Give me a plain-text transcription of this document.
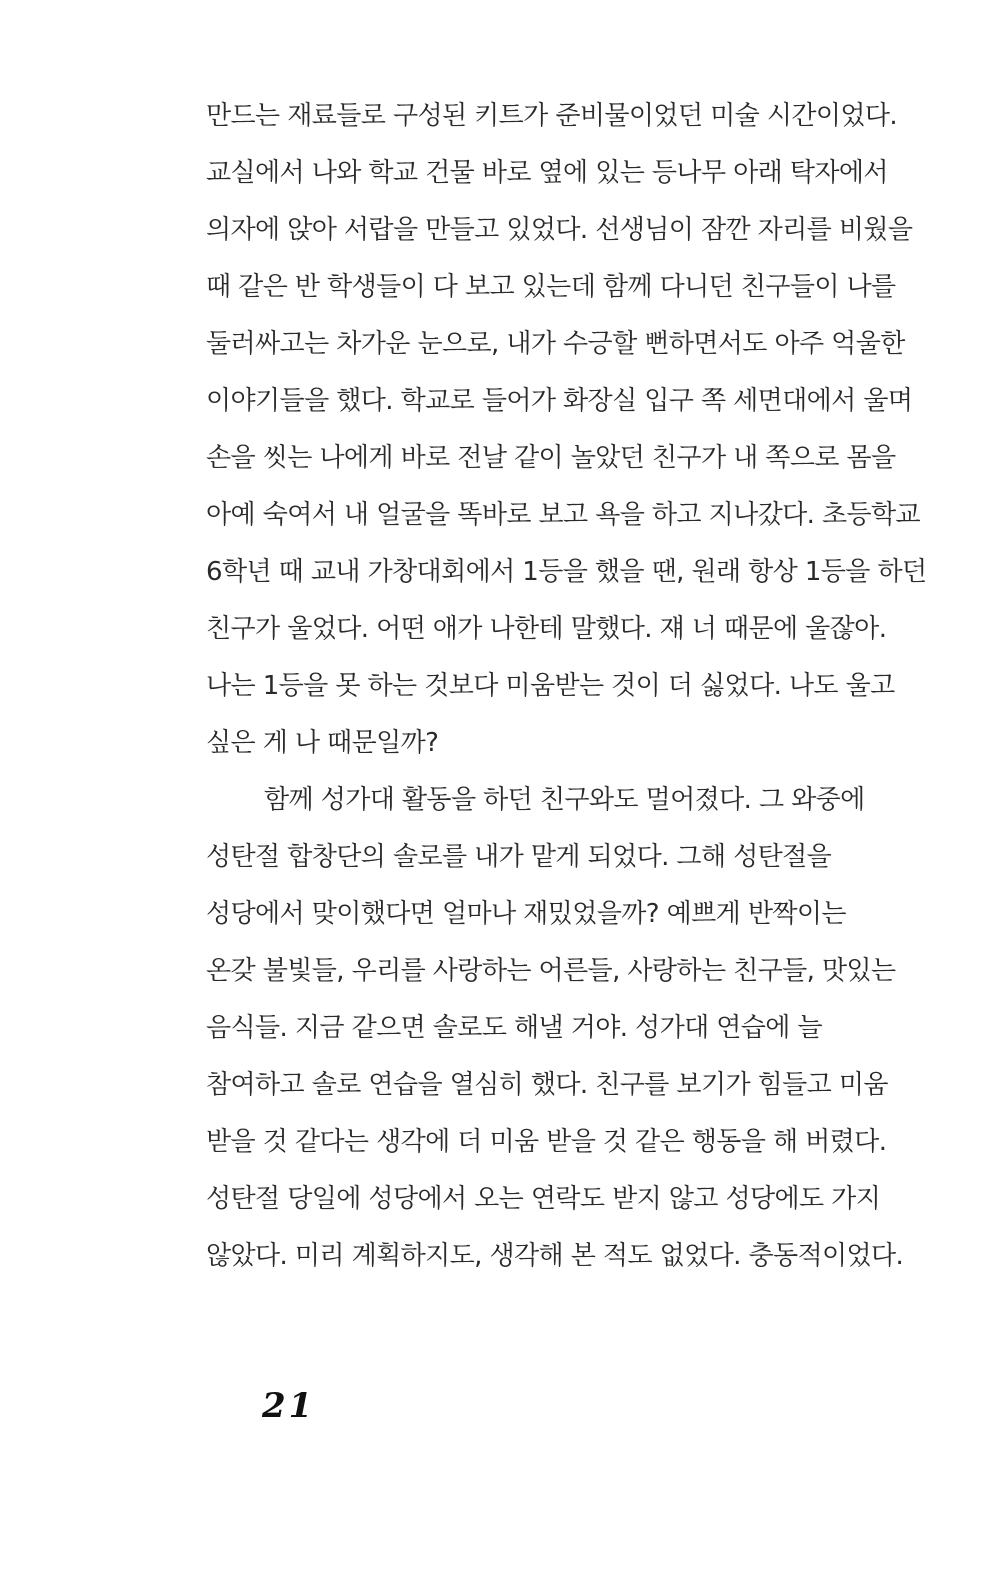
만드는 재료들로 구성된 키트가 준비물이었던 미술 시간이었다.
교실에서 나와 학교 건물 바로 옆에 있는 등나무 아래 탁자에서
의자에 앉아 서랍을 만들고 있었다. 선생님이 잠깐 자리를 비웠을
때 같은 반 학생들이 다 보고 있는데 함께 다니던 친구들이 나를
둘러싸고는 차가운 눈으로, 내가 수긍할 뻔하면서도 아주 억울한
이야기들을 했다. 학교로 들어가 화장실 입구 쪽 세면대에서 울며
손을 씻는 나에게 바로 전날 같이 놀았던 친구가 내 쪽으로 몸을
아예 숙여서 내 얼굴을 똑바로 보고 욕을 하고 지나갔다. 초등학교
6학년 때 교내 가창대회에서 1등을 했을 땐, 원래 항상 1등을 하던
친구가 울었다. 어떤 애가 나한테 말했다. 쟤 너 때문에 울잖아.
나는 1등을 못 하는 것보다 미움받는 것이 더 싫었다. 나도 울고
싶은 게 나 때문일까?
함께 성가대 활동을 하던 친구와도 멀어졌다. 그 와중에
성탄절 합창단의 솔로를 내가 맡게 되었다. 그해 성탄절을
성당에서 맞이했다면 얼마나 재밌었을까? 예쁘게 반짝이는
온갖 불빛들, 우리를 사랑하는 어른들, 사랑하는 친구들, 맛있는
음식들. 지금 같으면 솔로도 해낼 거야. 성가대 연습에 늘
참여하고 솔로 연습을 열심히 했다. 친구를 보기가 힘들고 미움
받을 것 같다는 생각에 더 미움 받을 것 같은 행동을 해 버렸다.
성탄절 당일에 성당에서 오는 연락도 받지 않고 성당에도 가지
않았다. 미리 계획하지도, 생각해 본 적도 없었다. 충동적이었다.
21
